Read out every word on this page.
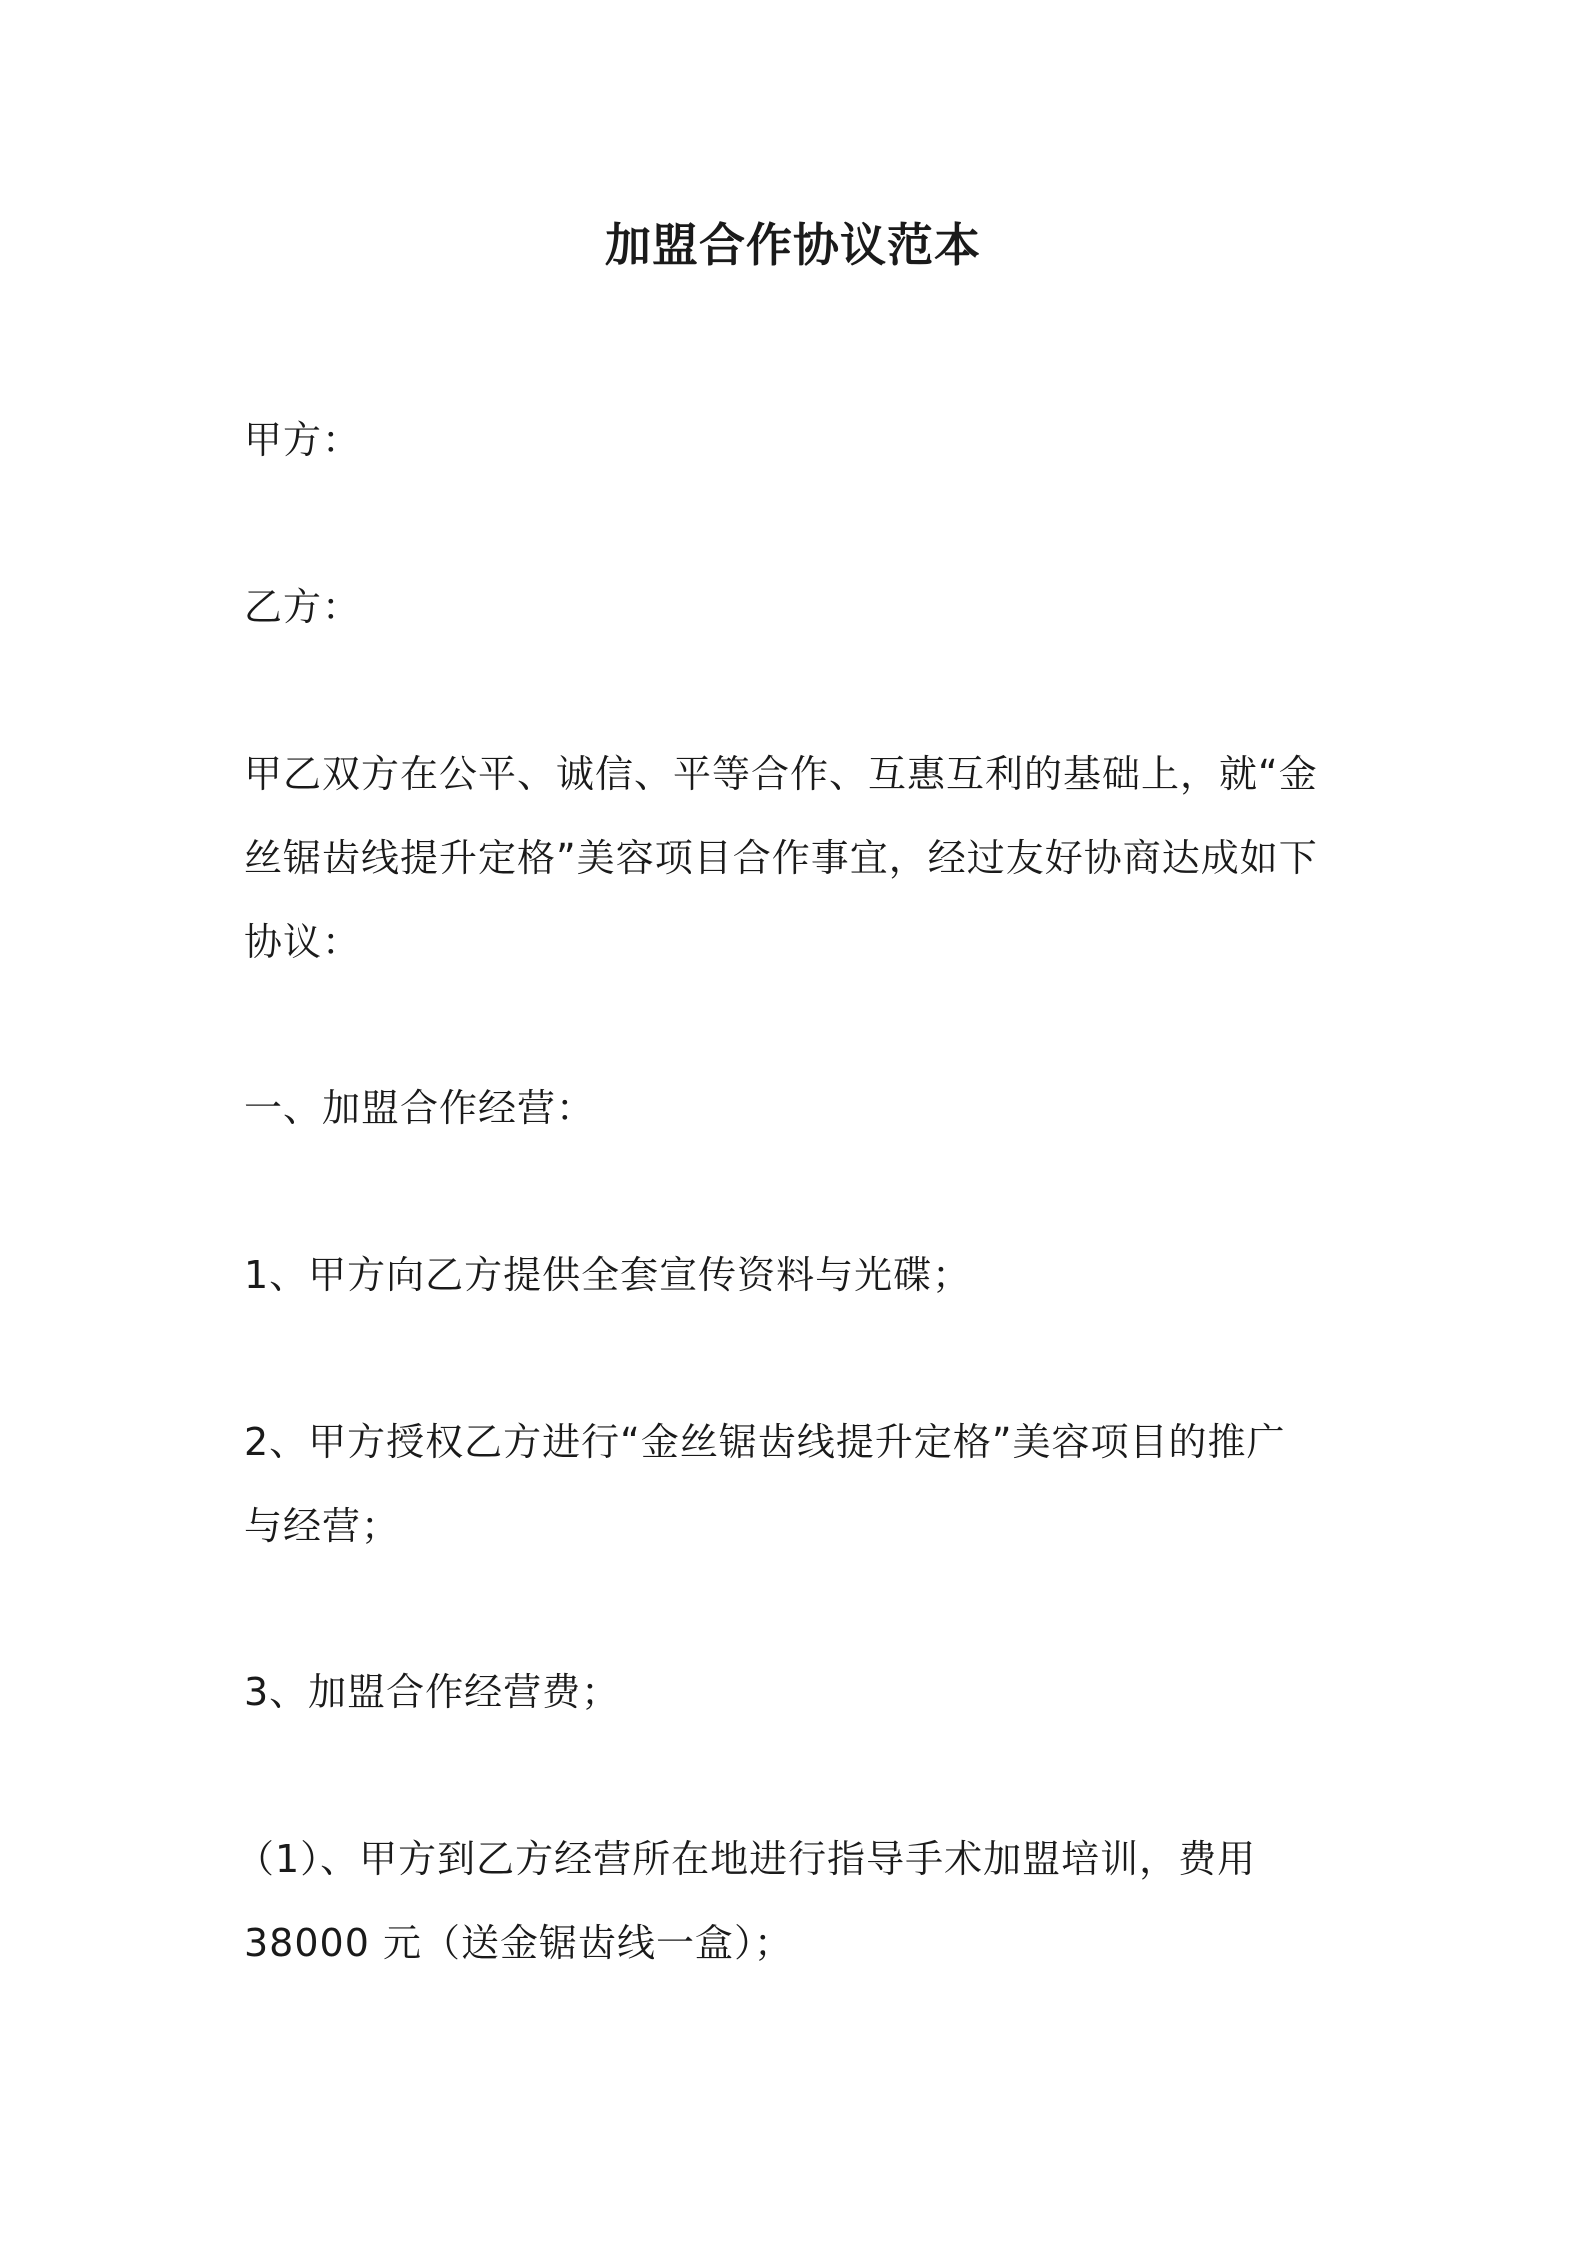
加盟合作协议范本

甲方：

乙方：

甲乙双方在公平、诚信、平等合作、互惠互利的基础上，就“金
丝锯齿线提升定格”美容项目合作事宜，经过友好协商达成如下
协议：

一、加盟合作经营：

1、甲方向乙方提供全套宣传资料与光碟；

2、甲方授权乙方进行“金丝锯齿线提升定格”美容项目的推广
与经营；

3、加盟合作经营费；

（1）、甲方到乙方经营所在地进行指导手术加盟培训，费用
38000 元（送金锯齿线一盒）；
